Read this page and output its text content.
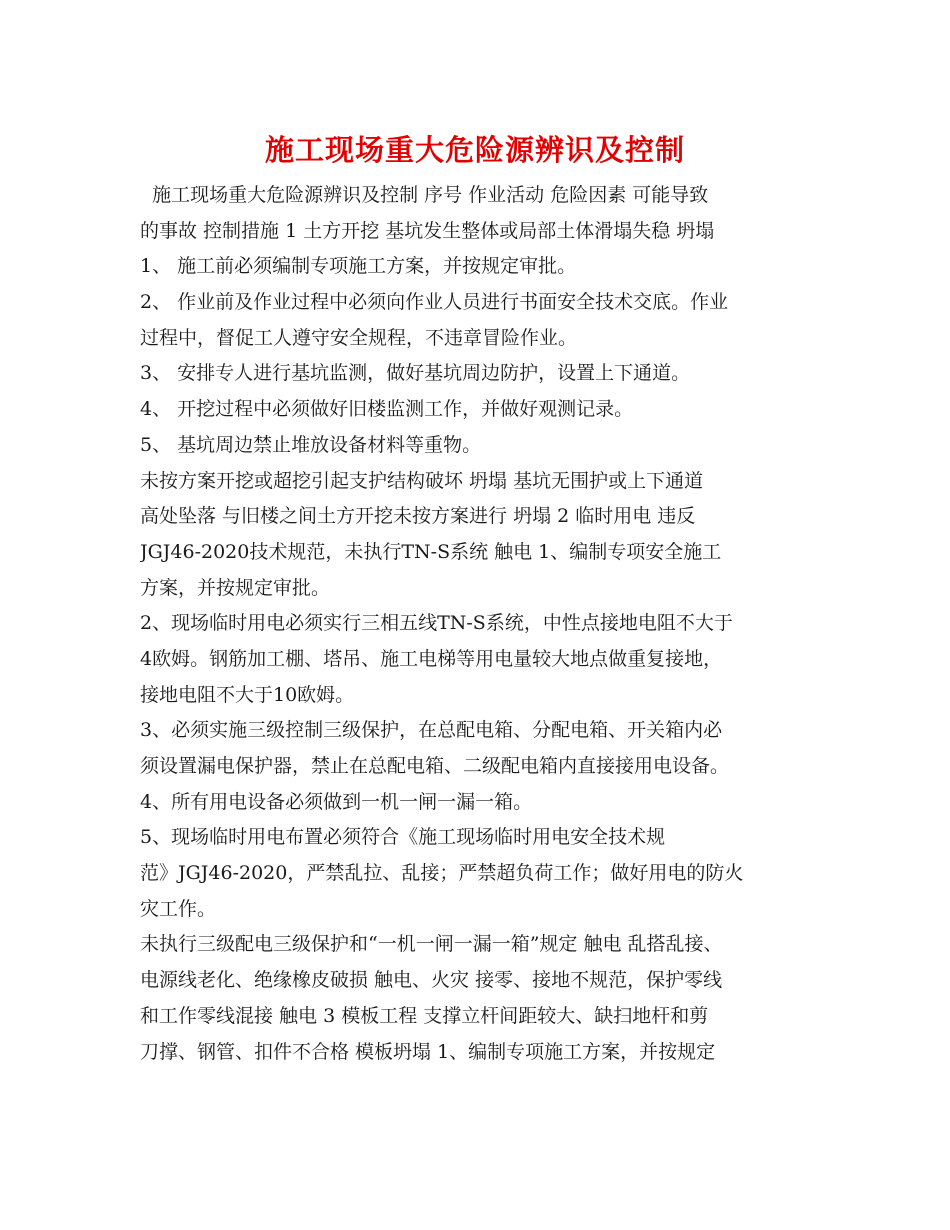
施工现场重大危险源辨识及控制
施工现场重大危险源辨识及控制 序号 作业活动 危险因素 可能导致
的事故 控制措施 1 土方开挖 基坑发生整体或局部土体滑塌失稳 坍塌
1、 施工前必须编制专项施工方案，并按规定审批。
2、 作业前及作业过程中必须向作业人员进行书面安全技术交底。作业
过程中，督促工人遵守安全规程，不违章冒险作业。
3、 安排专人进行基坑监测，做好基坑周边防护，设置上下通道。
4、 开挖过程中必须做好旧楼监测工作，并做好观测记录。
5、 基坑周边禁止堆放设备材料等重物。
未按方案开挖或超挖引起支护结构破坏 坍塌 基坑无围护或上下通道
高处坠落 与旧楼之间土方开挖未按方案进行 坍塌 2 临时用电 违反
JGJ46-2020技术规范，未执行TN-S系统 触电 1、编制专项安全施工
方案，并按规定审批。
2、现场临时用电必须实行三相五线TN-S系统，中性点接地电阻不大于
4欧姆。钢筋加工棚、塔吊、施工电梯等用电量较大地点做重复接地，
接地电阻不大于10欧姆。
3、必须实施三级控制三级保护，在总配电箱、分配电箱、开关箱内必
须设置漏电保护器，禁止在总配电箱、二级配电箱内直接接用电设备。
4、所有用电设备必须做到一机一闸一漏一箱。
5、现场临时用电布置必须符合《施工现场临时用电安全技术规
范》JGJ46-2020，严禁乱拉、乱接；严禁超负荷工作；做好用电的防火
灾工作。
未执行三级配电三级保护和“一机一闸一漏一箱”规定 触电 乱搭乱接、
电源线老化、绝缘橡皮破损 触电、火灾 接零、接地不规范，保护零线
和工作零线混接 触电 3 模板工程 支撑立杆间距较大、缺扫地杆和剪
刀撑、钢管、扣件不合格 模板坍塌 1、编制专项施工方案，并按规定
